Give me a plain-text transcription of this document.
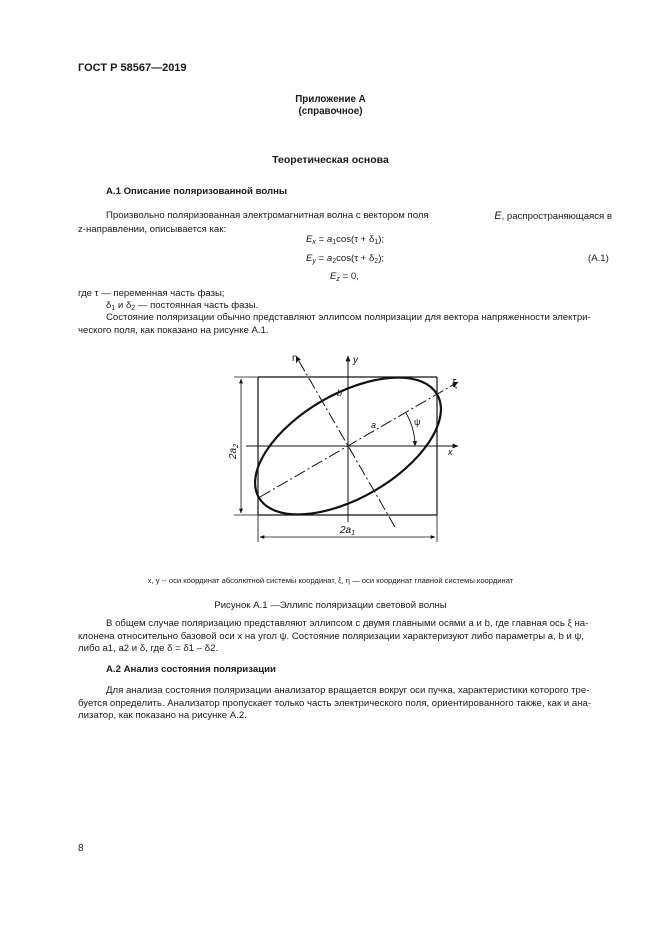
ГОСТ Р 58567—2019
Приложение А
(справочное)
Теоретическая основа
А.1 Описание поляризованной волны
Произвольно поляризованная электромагнитная волна с вектором поля	E, распространяющаяся в
z-направлении, описывается как:
$E_x = a_1\cos(\tau + \delta_1)$;
$E_y = a_2\cos(\tau + \delta_2)$;	(А.1)
$E_z = 0$,
где τ — переменная часть фазы;
$\delta_1$ и $\delta_2$ — постоянная часть фазы.
Состояние поляризации обычно представляют эллипсом поляризации для вектора напряженности электри-
ческого поля, как показано на рисунке А.1.
η	y
ξ
x
a
b
ψ
$2a_2$
$2a_1$
x, y -- оси координат абсолютной системы координат, ξ, η — оси координат главной системы координат
Рисунок А.1 —Эллипс поляризации световой волны
В общем случае поляризацию представляют эллипсом с двумя главными осями a и b, где главная ось ξ на-
клонена относительно базовой оси x на угол ψ. Состояние поляризации характеризуют либо параметры a, b и ψ,
либо a1, a2 и δ, где δ = δ1 – δ2.
А.2 Анализ состояния поляризации
Для анализа состояния поляризации анализатор вращается вокруг оси пучка, характеристики которого тре-
буется определить. Анализатор пропускает только часть электрического поля, ориентированного также, как и ана-
лизатор, как показано на рисунке А.2.
8
